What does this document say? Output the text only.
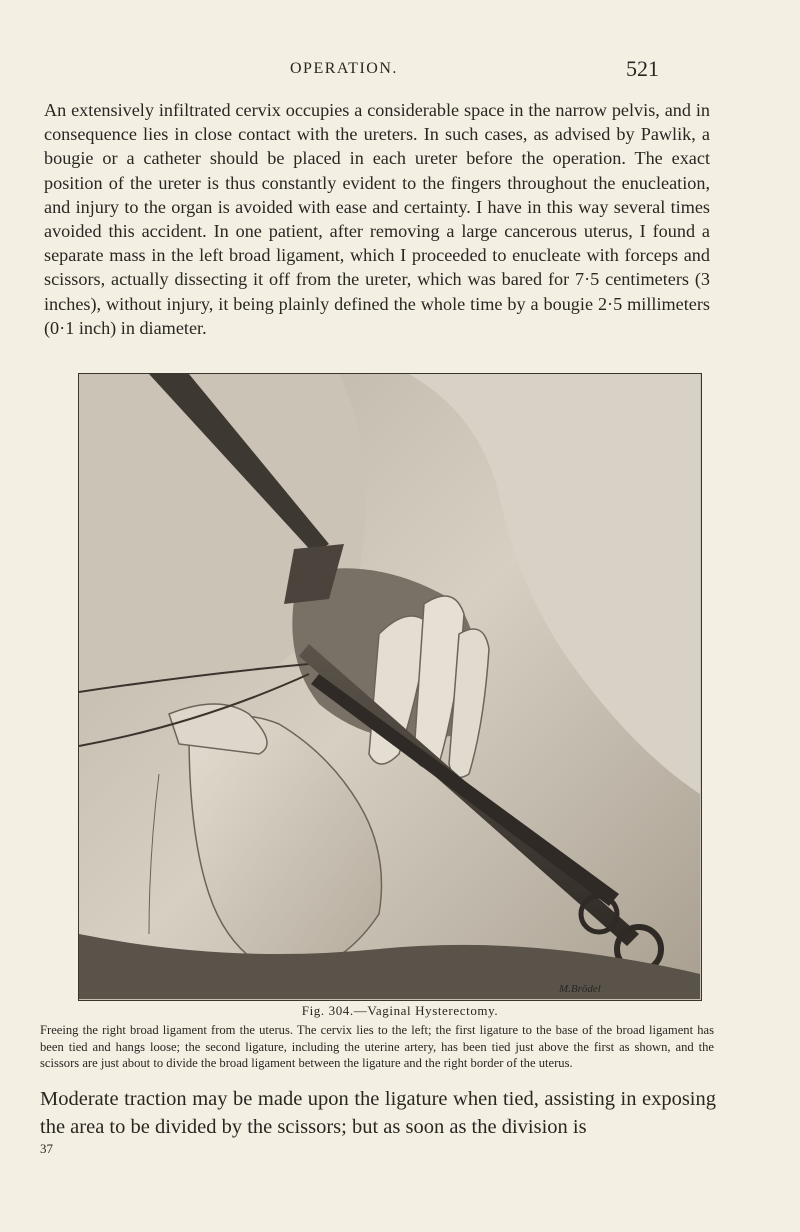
OPERATION.	521

An extensively infiltrated cervix occupies a considerable space in the narrow pelvis, and in consequence lies in close contact with the ureters. In such cases, as advised by Pawlik, a bougie or a catheter should be placed in each ureter before the operation. The exact position of the ureter is thus constantly evident to the fingers throughout the enucleation, and injury to the organ is avoided with ease and certainty. I have in this way several times avoided this accident. In one patient, after removing a large cancerous uterus, I found a separate mass in the left broad ligament, which I proceeded to enucleate with forceps and scissors, actually dissecting it off from the ureter, which was bared for 7·5 centimeters (3 inches), without injury, it being plainly defined the whole time by a bougie 2·5 millimeters (0·1 inch) in diameter.

M.Brödel
Fig. 304.—Vaginal Hysterectomy.

Freeing the right broad ligament from the uterus. The cervix lies to the left; the first ligature to the base of the broad ligament has been tied and hangs loose; the second ligature, including the uterine artery, has been tied just above the first as shown, and the scissors are just about to divide the broad ligament between the ligature and the right border of the uterus.

Moderate traction may be made upon the ligature when tied, assisting in exposing the area to be divided by the scissors; but as soon as the division is

37
